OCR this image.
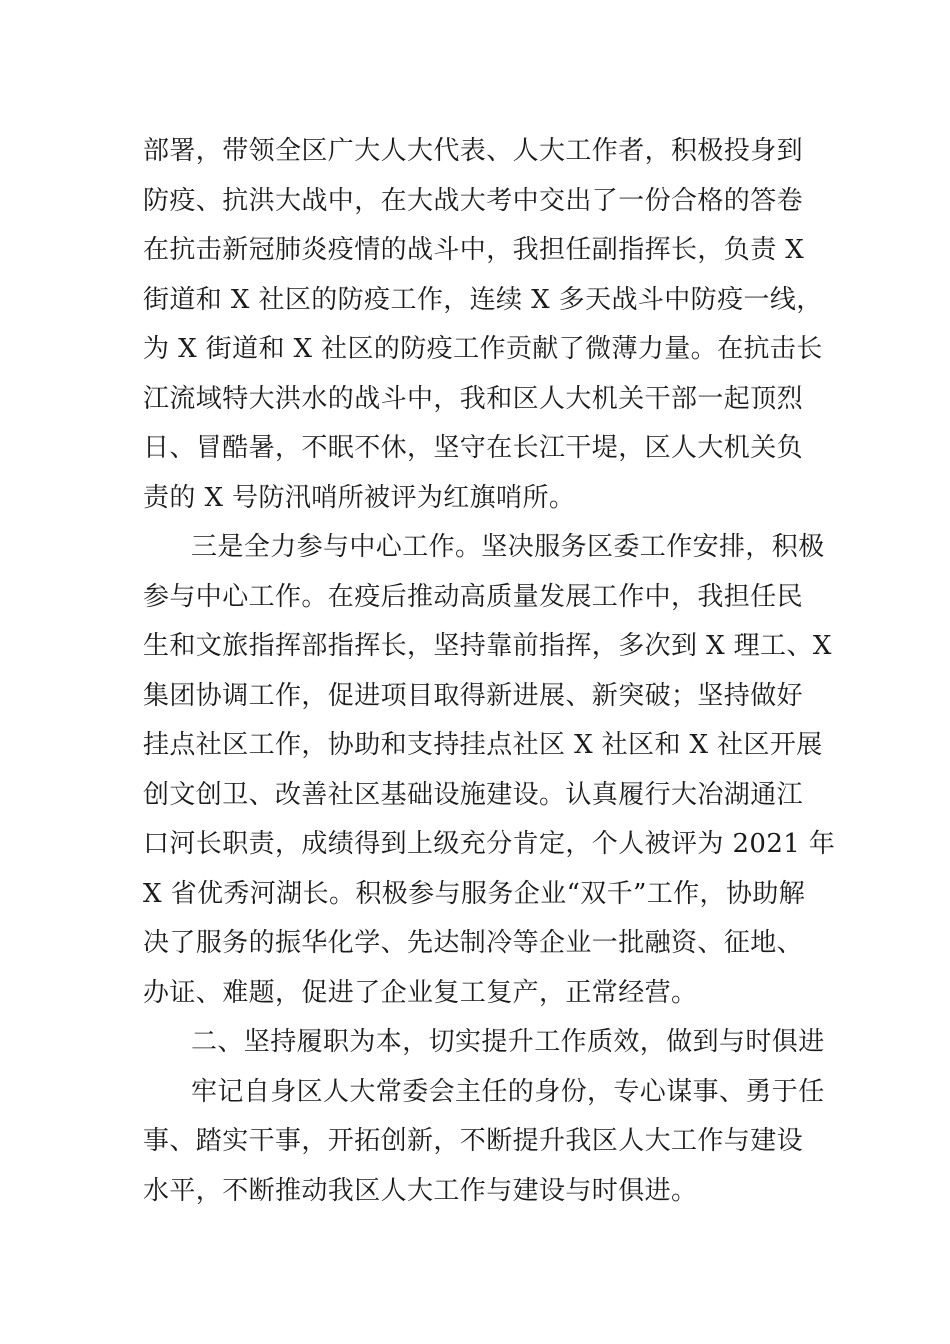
部署，带领全区广大人大代表、人大工作者，积极投身到
防疫、抗洪大战中，在大战大考中交出了一份合格的答卷
在抗击新冠肺炎疫情的战斗中，我担任副指挥长，负责 X
街道和 X 社区的防疫工作，连续 X 多天战斗中防疫一线，
为 X 街道和 X 社区的防疫工作贡献了微薄力量。在抗击长
江流域特大洪水的战斗中，我和区人大机关干部一起顶烈
日、冒酷暑，不眠不休，坚守在长江干堤，区人大机关负
责的 X 号防汛哨所被评为红旗哨所。
三是全力参与中心工作。坚决服务区委工作安排，积极
参与中心工作。在疫后推动高质量发展工作中，我担任民
生和文旅指挥部指挥长，坚持靠前指挥，多次到 X 理工、X
集团协调工作，促进项目取得新进展、新突破；坚持做好
挂点社区工作，协助和支持挂点社区 X 社区和 X 社区开展
创文创卫、改善社区基础设施建设。认真履行大冶湖通江
口河长职责，成绩得到上级充分肯定，个人被评为 2021 年
X 省优秀河湖长。积极参与服务企业“双千”工作，协助解
决了服务的振华化学、先达制冷等企业一批融资、征地、
办证、难题，促进了企业复工复产，正常经营。
二、坚持履职为本，切实提升工作质效，做到与时俱进
牢记自身区人大常委会主任的身份，专心谋事、勇于任
事、踏实干事，开拓创新，不断提升我区人大工作与建设
水平，不断推动我区人大工作与建设与时俱进。
